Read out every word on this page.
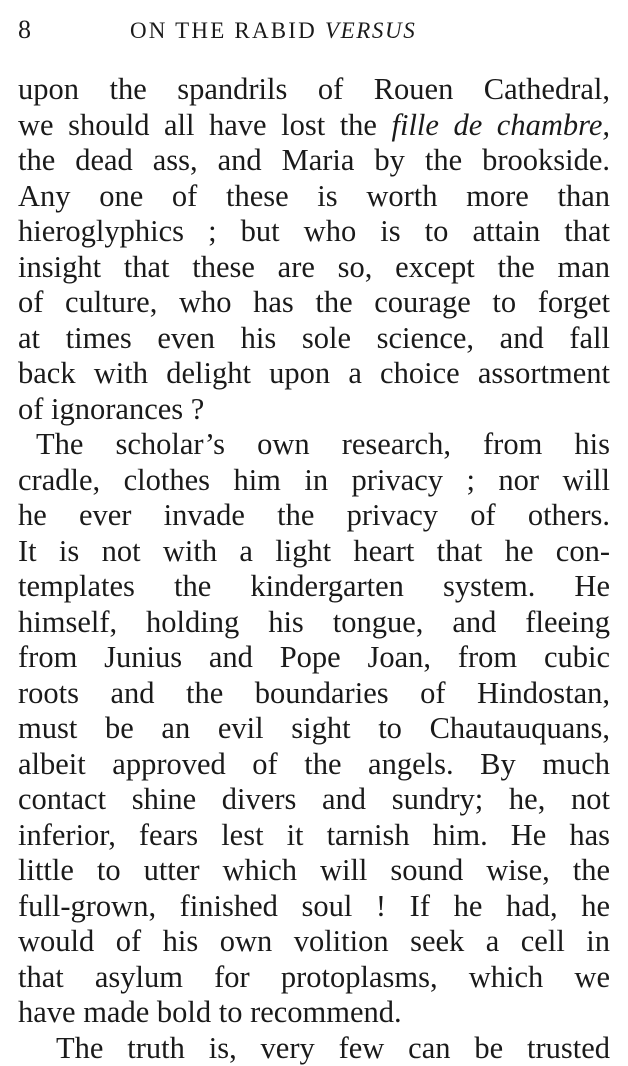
8	ON THE RABID VERSUS
upon the spandrils of Rouen Cathedral,
we should all have lost the fille de chambre,
the dead ass, and Maria by the brookside.
Any one of these is worth more than
hieroglyphics ; but who is to attain that
insight that these are so, except the man
of culture, who has the courage to forget
at times even his sole science, and fall
back with delight upon a choice assortment
of ignorances ?
The scholar’s own research, from his
cradle, clothes him in privacy ; nor will
he ever invade the privacy of others.
It is not with a light heart that he con-
templates the kindergarten system. He
himself, holding his tongue, and fleeing
from Junius and Pope Joan, from cubic
roots and the boundaries of Hindostan,
must be an evil sight to Chautauquans,
albeit approved of the angels. By much
contact shine divers and sundry; he, not
inferior, fears lest it tarnish him. He has
little to utter which will sound wise, the
full-grown, finished soul ! If he had, he
would of his own volition seek a cell in
that asylum for protoplasms, which we
have made bold to recommend.
The truth is, very few can be trusted
